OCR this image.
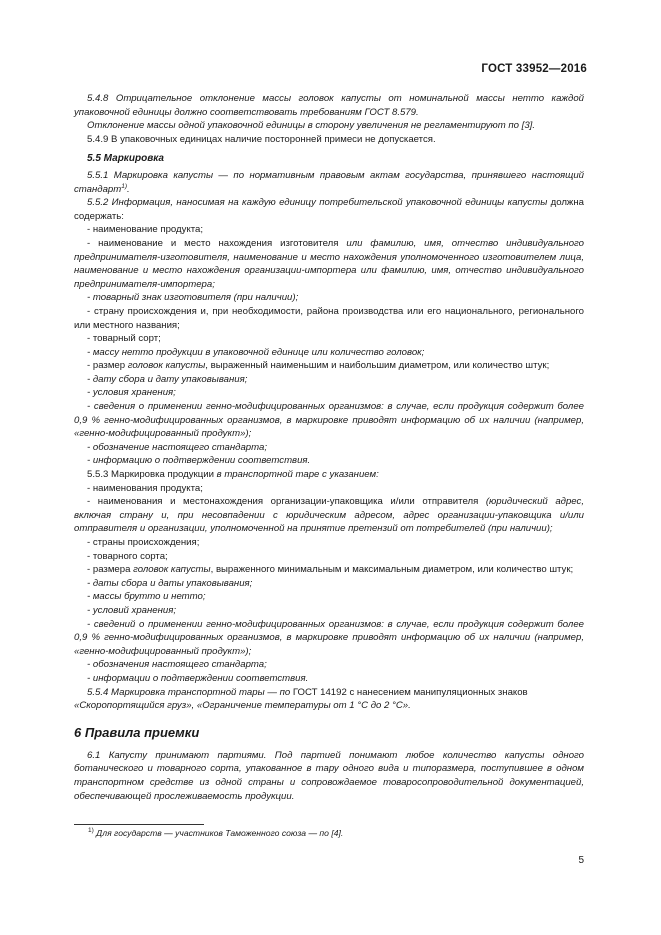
ГОСТ 33952—2016

5.4.8 Отрицательное отклонение массы головок капусты от номинальной массы нетто каждой упаковочной единицы должно соответствовать требованиям ГОСТ 8.579.

Отклонение массы одной упаковочной единицы в сторону увеличения не регламентируют по [3].

5.4.9 В упаковочных единицах наличие посторонней примеси не допускается.

5.5 Маркировка

5.5.1 Маркировка капусты — по нормативным правовым актам государства, принявшего настоящий стандарт$^{1)}$.

5.5.2 Информация, наносимая на каждую единицу потребительской упаковочной единицы капусты должна содержать:

- наименование продукта;

- наименование и место нахождения изготовителя или фамилию, имя, отчество индивидуального предпринимателя-изготовителя, наименование и место нахождения уполномоченного изготовителем лица, наименование и место нахождения организации-импортера или фамилию, имя, отчество индивидуального предпринимателя-импортера;

- товарный знак изготовителя (при наличии);

- страну происхождения и, при необходимости, района производства или его национального, регионального или местного названия;

- товарный сорт;

- массу нетто продукции в упаковочной единице или количество головок;

- размер головок капусты, выраженный наименьшим и наибольшим диаметром, или количество штук;

- дату сбора и дату упаковывания;

- условия хранения;

- сведения о применении генно-модифицированных организмов: в случае, если продукция содержит более 0,9 % генно-модифицированных организмов, в маркировке приводят информацию об их наличии (например, «генно-модифицированный продукт»);

- обозначение настоящего стандарта;

- информацию о подтверждении соответствия.

5.5.3 Маркировка продукции в транспортной таре с указанием:

- наименования продукта;

- наименования и местонахождения организации-упаковщика и/или отправителя (юридический адрес, включая страну и, при несовпадении с юридическим адресом, адрес организации-упаковщика и/или отправителя и организации, уполномоченной на принятие претензий от потребителей (при наличии);

- страны происхождения;

- товарного сорта;

- размера головок капусты, выраженного минимальным и максимальным диаметром, или количество штук;

- даты сбора и даты упаковывания;

- массы брутто и нетто;

- условий хранения;

- сведений о применении генно-модифицированных организмов: в случае, если продукция содержит более 0,9 % генно-модифицированных организмов, в маркировке приводят информацию об их наличии (например, «генно-модифицированный продукт»);

- обозначения настоящего стандарта;

- информации о подтверждении соответствия.

5.5.4 Маркировка транспортной тары — по ГОСТ 14192 с нанесением манипуляционных знаков

«Скоропортящийся груз», «Ограничение температуры от 1 °С до 2 °С».

6 Правила приемки

6.1 Капусту принимают партиями. Под партией понимают любое количество капусты одного ботанического и товарного сорта, упакованное в тару одного вида и типоразмера, поступившее в одном транспортном средстве из одной страны и сопровождаемое товаросопроводительной документацией, обеспечивающей прослеживаемость продукции.

$^{1)}$ Для государств — участников Таможенного союза — по [4].
5
